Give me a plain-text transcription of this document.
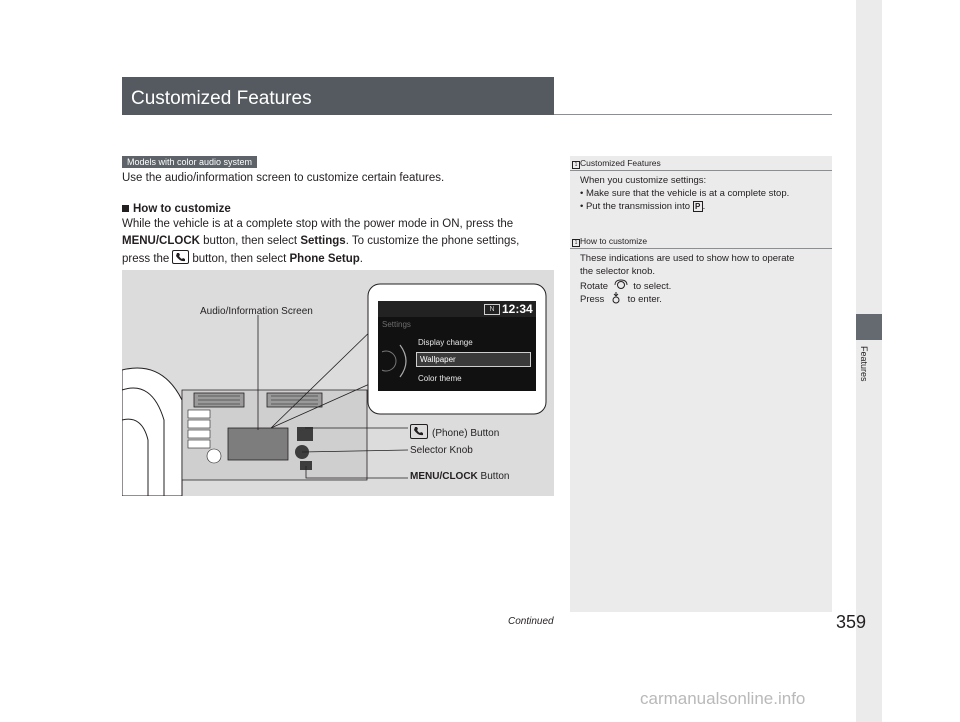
Customized Features
Features
Models with color audio system
Use the audio/information screen to customize certain features.
How to customize
While the vehicle is at a complete stop with the power mode in ON, press the
MENU/CLOCK button, then select Settings. To customize the phone settings,
press the button, then select Phone Setup.
N 12:34
Settings
Display change
Wallpaper
Color theme
Audio/Information Screen
(Phone) Button
Selector Knob
MENU/CLOCK Button
1 Customized Features
When you customize settings:
• Make sure that the vehicle is at a complete stop.
• Put the transmission into P .
1 How to customize
These indications are used to show how to operate
the selector knob.
Rotate	to select.
Press to enter.
Continued	359
carmanualsonline.info
